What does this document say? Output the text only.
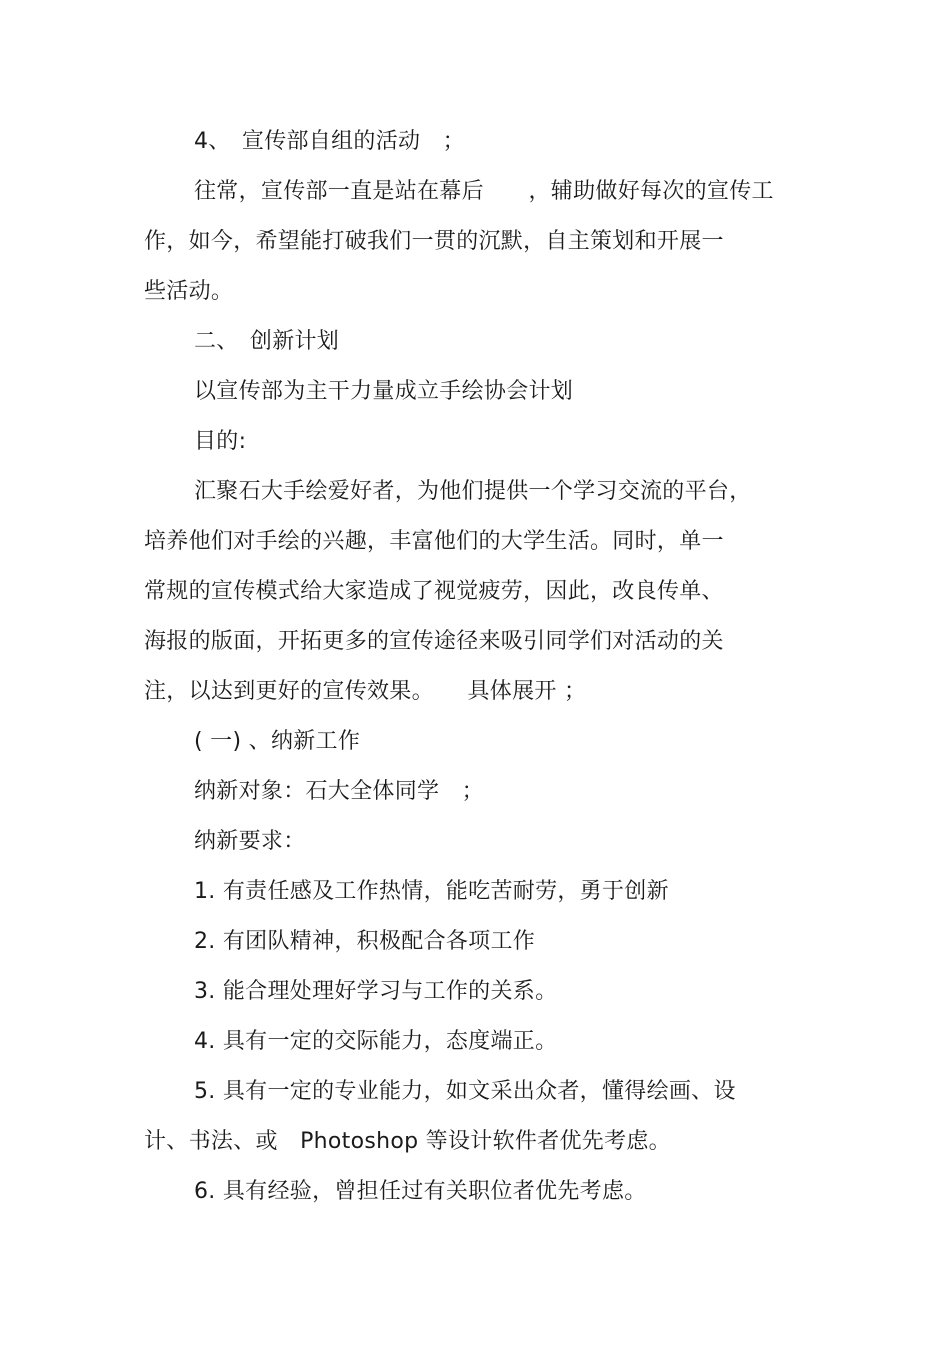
4、　宣传部自组的活动　；
往常，宣传部一直是站在幕后　　，辅助做好每次的宣传工
作，如今，希望能打破我们一贯的沉默，自主策划和开展一
些活动。
二、　创新计划
以宣传部为主干力量成立手绘协会计划
目的:
汇聚石大手绘爱好者，为他们提供一个学习交流的平台，
培养他们对手绘的兴趣，丰富他们的大学生活。同时，单一
常规的宣传模式给大家造成了视觉疲劳，因此，改良传单、
海报的版面，开拓更多的宣传途径来吸引同学们对活动的关
注，以达到更好的宣传效果。　　具体展开 ；
( 一) 、纳新工作
纳新对象：石大全体同学　；
纳新要求：
1. 有责任感及工作热情，能吃苦耐劳，勇于创新
2. 有团队精神，积极配合各项工作
3. 能合理处理好学习与工作的关系。
4. 具有一定的交际能力，态度端正。
5. 具有一定的专业能力，如文采出众者，懂得绘画、设
计、书法、或　Photoshop 等设计软件者优先考虑。
6. 具有经验，曾担任过有关职位者优先考虑。
